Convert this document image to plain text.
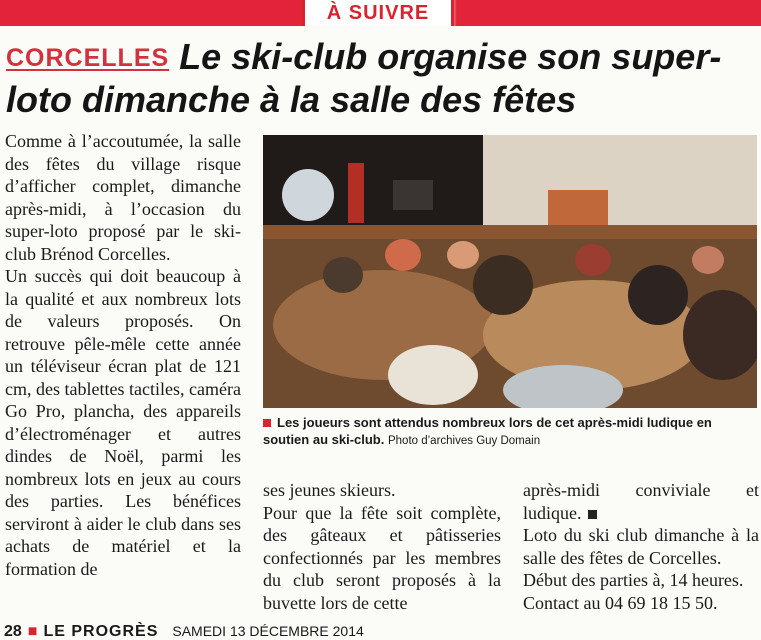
À SUIVRE
CORCELLES Le ski-club organise son super-loto dimanche à la salle des fêtes
Comme à l’accoutumée, la salle des fêtes du village risque d’afficher complet, dimanche après-midi, à l’occasion du super-loto proposé par le ski-club Brénod Corcelles.
Un succès qui doit beaucoup à la qualité et aux nombreux lots de valeurs proposés. On retrouve pêle-mêle cette année un téléviseur écran plat de 121 cm, des tablettes tactiles, caméra Go Pro, plancha, des appareils d’électroménager et autres dindes de Noël, parmi les nombreux lots en jeux au cours des parties. Les bénéfices serviront à aider le club dans ses achats de matériel et la formation de
Les joueurs sont attendus nombreux lors de cet après-midi ludique en soutien au ski-club. Photo d’archives Guy Domain
ses jeunes skieurs.
Pour que la fête soit complète, des gâteaux et pâtisseries confectionnés par les membres du club seront proposés à la buvette lors de cette
après-midi conviviale et ludique.
Loto du ski club dimanche à la salle des fêtes de Corcelles.
Début des parties à, 14 heures.
Contact au 04 69 18 15 50.
28 ■ LE PROGRÈS SAMEDI 13 DÉCEMBRE 2014
